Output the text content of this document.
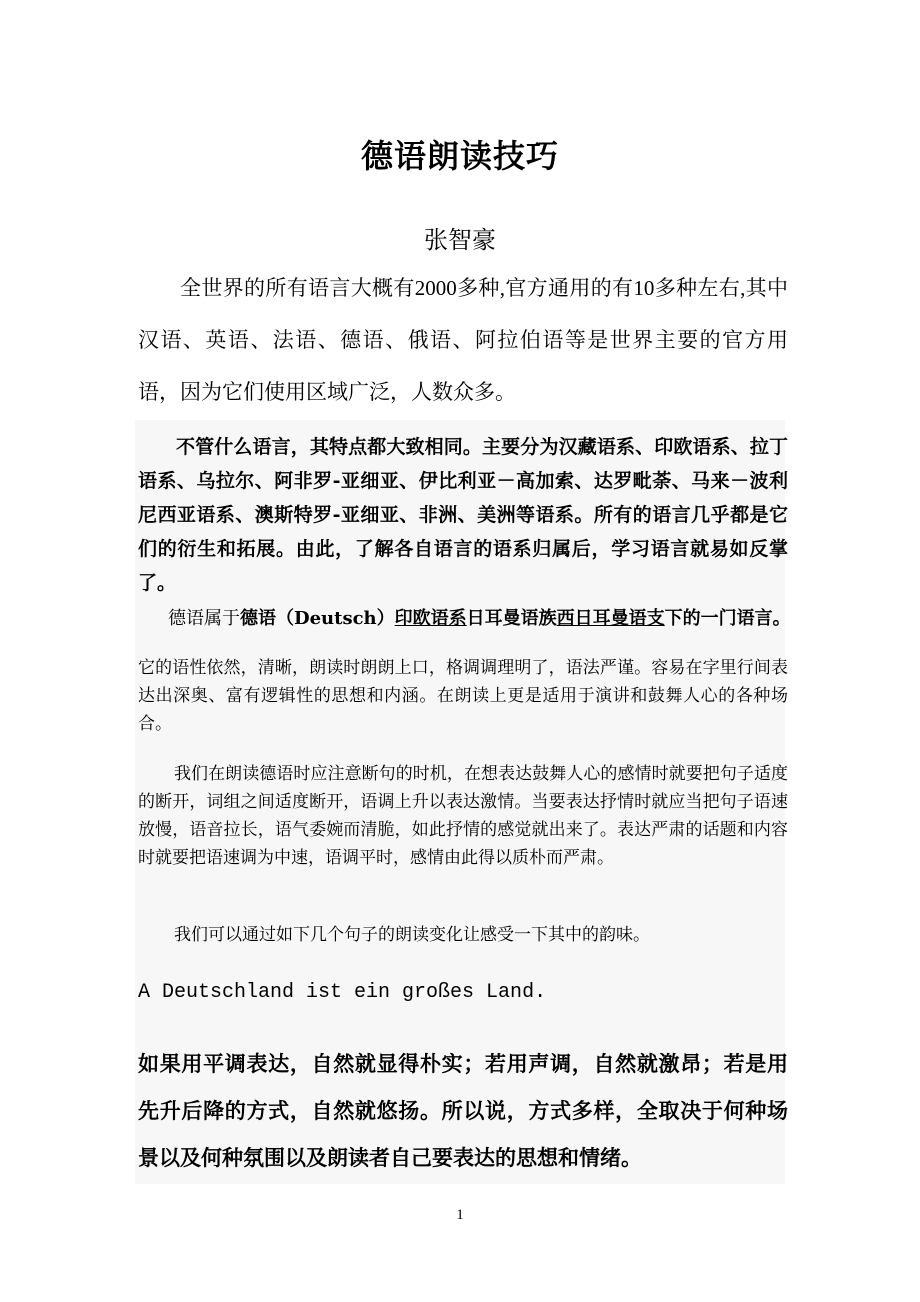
德语朗读技巧
张智豪

全世界的所有语言大概有2000多种,官方通用的有10多种左右,其中汉语、英语、法语、德语、俄语、阿拉伯语等是世界主要的官方用语，因为它们使用区域广泛，人数众多。

不管什么语言，其特点都大致相同。主要分为汉藏语系、印欧语系、拉丁语系、乌拉尔、阿非罗-亚细亚、伊比利亚－高加索、达罗毗荼、马来－波利尼西亚语系、澳斯特罗-亚细亚、非洲、美洲等语系。所有的语言几乎都是它们的衍生和拓展。由此，了解各自语言的语系归属后，学习语言就易如反掌了。

德语属于德语（Deutsch）印欧语系日耳曼语族西日耳曼语支下的一门语言。

它的语性依然，清晰，朗读时朗朗上口，格调调理明了，语法严谨。容易在字里行间表达出深奥、富有逻辑性的思想和内涵。在朗读上更是适用于演讲和鼓舞人心的各种场合。

我们在朗读德语时应注意断句的时机，在想表达鼓舞人心的感情时就要把句子适度的断开，词组之间适度断开，语调上升以表达激情。当要表达抒情时就应当把句子语速放慢，语音拉长，语气委婉而清脆，如此抒情的感觉就出来了。表达严肃的话题和内容时就要把语速调为中速，语调平时，感情由此得以质朴而严肃。

我们可以通过如下几个句子的朗读变化让感受一下其中的韵味。

A Deutschland ist ein großes Land.

如果用平调表达，自然就显得朴实；若用声调，自然就激昂；若是用先升后降的方式，自然就悠扬。所以说，方式多样，全取决于何种场景以及何种氛围以及朗读者自己要表达的思想和情绪。

1
